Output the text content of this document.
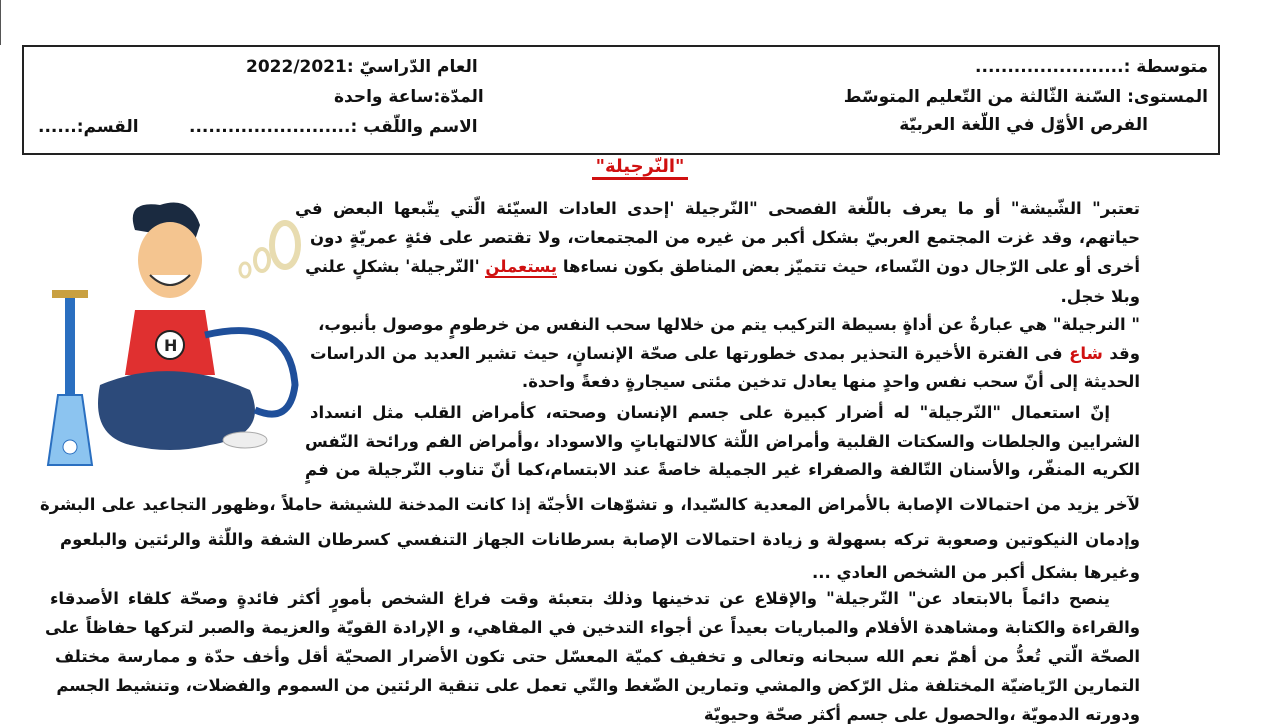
متوسطة :.......................
المستوى: السّنة الثّالثة من التّعليم المتوسّط
الفرص الأوّل في اللّغة العربيّة
العام الدّراسيّ :2022/2021
المدّة:ساعة واحدة
الاسم واللّقب :.........................
القسم:......
"النّرجيلة"
H
تعتبر" الشّيشة" أو ما يعرف باللّغة الفصحى "النّرجيلة 'إحدى العادات السيّئة الّتي يتّبعها البعض في
حياتهم، وقد غزت المجتمع العربيّ بشكل أكبر من غيره من المجتمعات، ولا تقتصر على فئةٍ عمريّةٍ دون
أخرى أو على الرّجال دون النّساء، حيث تتميّز بعض المناطق بكون نساءها يستعملن 'النّرجيلة' بشكلٍ علني
وبلا خجل.
" النرجيلة" هي عبارةٌ عن أداةٍ بسيطة التركيب يتم من خلالها سحب النفس من خرطومٍ موصول بأنبوب،
وقد شاع فى الفترة الأخيرة التحذير بمدى خطورتها على صحّة الإنسانٍ، حيث تشير العديد من الدراسات
الحديثة إلى أنّ سحب نفس واحدٍ منها يعادل تدخين مئتى سيجارةٍ دفعةً واحدة.
إنّ استعمال "النّرجيلة" له أضرار كبيرة على جسم الإنسان وصحته، كأمراض القلب مثل انسداد
الشرايين والجلطات والسكتات القلبية وأمراض اللّثة كالالتهاباتٍ والاسوداد ،وأمراض الفم ورائحة النّفس
الكريه المنفّر، والأسنان التّالفة والصفراء غير الجميلة خاصةً عند الابتسام،كما أنّ تناوب النّرجيلة من فمٍ
لآخر يزيد من احتمالات الإصابة بالأمراض المعدية كالسّيدا، و تشوّهات الأجنّة إذا كانت المدخنة للشيشة حاملاً ،وظهور التجاعيد على البشرة
وإدمان النيكوتين وصعوبة تركه بسهولة و زيادة احتمالات الإصابة بسرطانات الجهاز التنفسي كسرطان الشفة واللّثة والرئتين والبلعوم
وغيرها بشكل أكبر من الشخص العادي ...
ينصح دائماً بالابتعاد عن" النّرجيلة" والإقلاع عن تدخينها وذلك بتعبئة وقت فراغ الشخص بأمورٍ أكثر فائدةٍ وصحّة كلقاء الأصدقاء
والقراءة والكتابة ومشاهدة الأفلام والمباريات بعيداً عن أجواء التدخين في المقاهي، و الإرادة القويّة والعزيمة والصبر لتركها حفاظاً على
الصحّة الّتي تُعدُّ من أهمّ نعم الله سبحانه وتعالى و تخفيف كميّة المعسّل حتى تكون الأضرار الصحيّة أقل وأخف حدّة و ممارسة مختلف
التمارين الرّياضيّة المختلفة مثل الرّكض والمشي وتمارين الضّغط والتّي تعمل على تنقية الرئتين من السموم والفضلات، وتنشيط الجسم
ودورته الدمويّة ،والحصول على جسم أكثر صحّة وحيويّة
